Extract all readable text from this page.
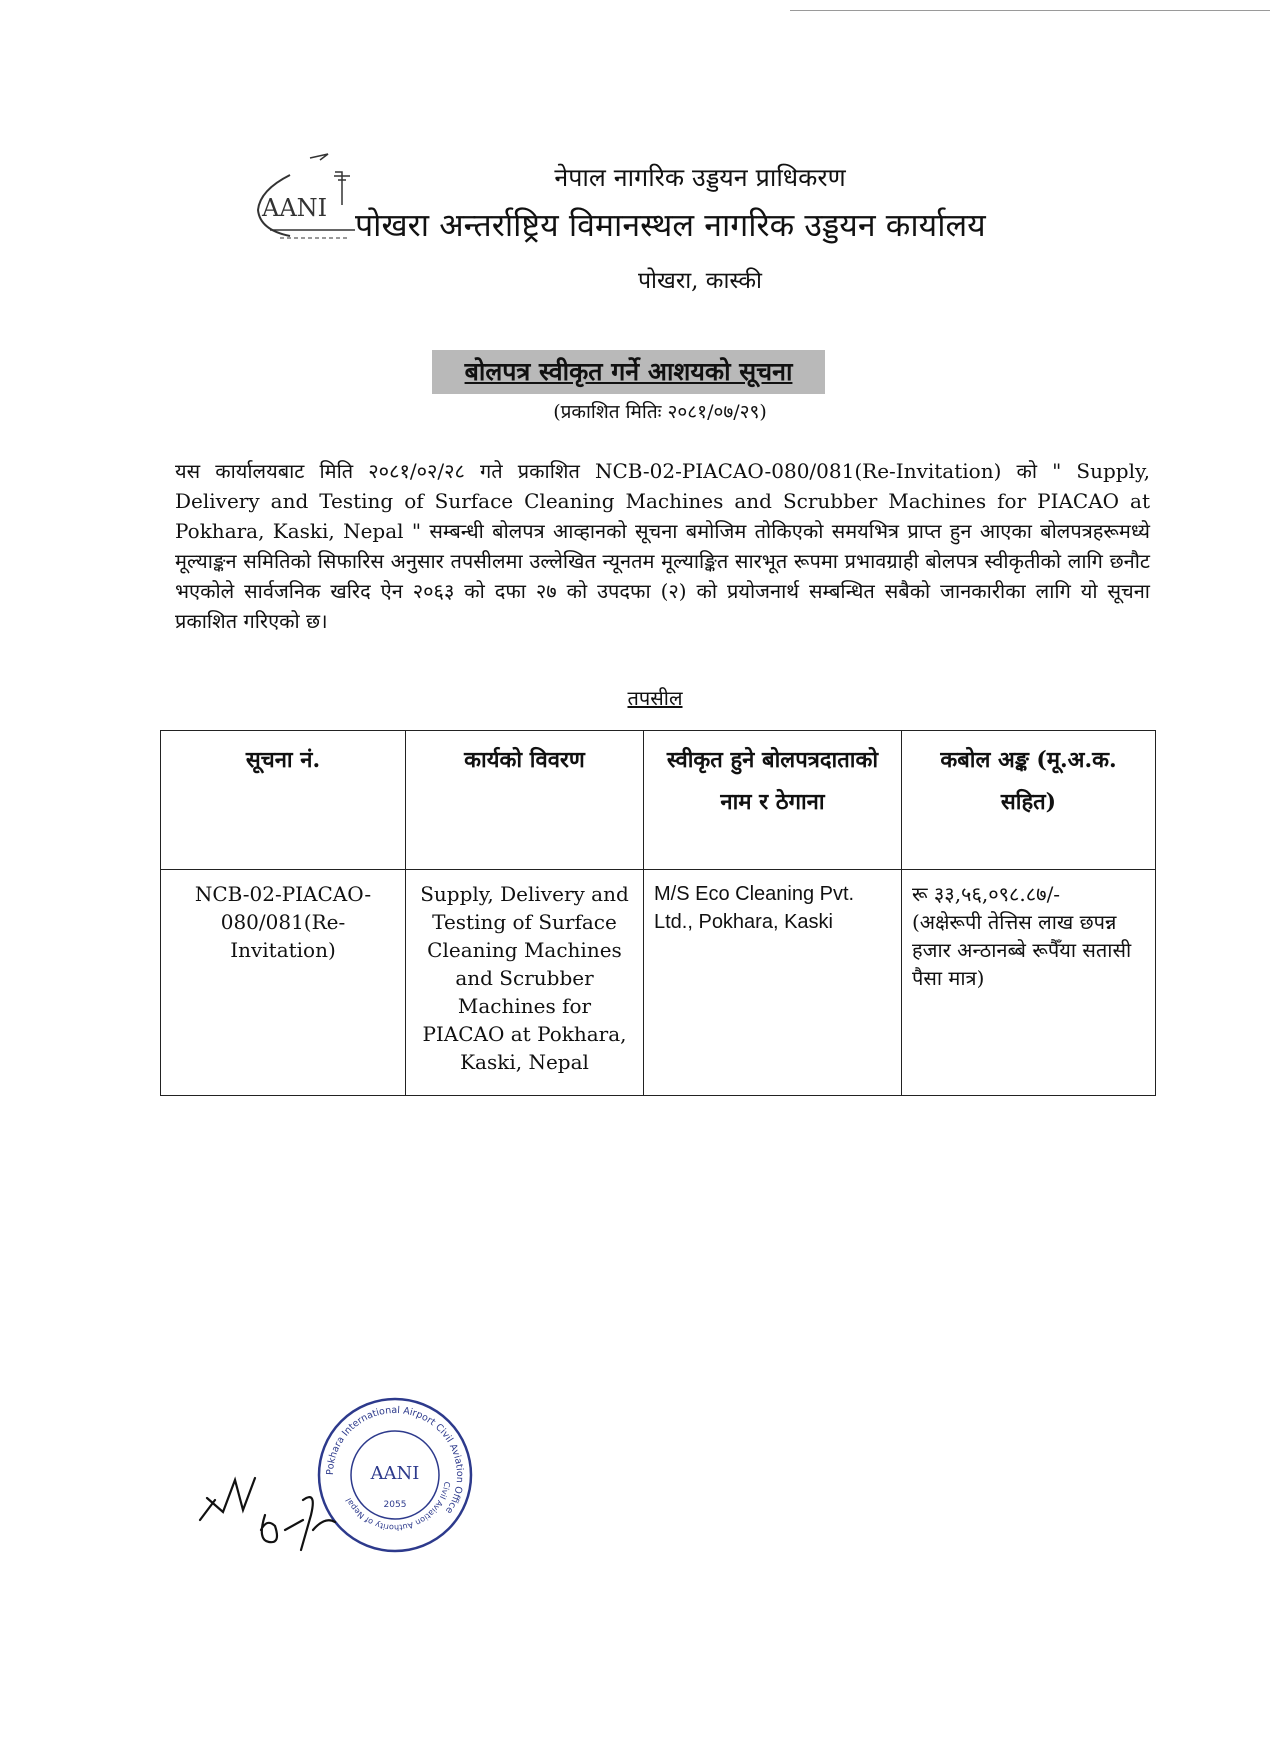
AANI
नेपाल नागरिक उड्डयन प्राधिकरण
पोखरा अन्तर्राष्ट्रिय विमानस्थल नागरिक उड्डयन कार्यालय
पोखरा, कास्की
बोलपत्र स्वीकृत गर्ने आशयको सूचना
(प्रकाशित मितिः २०८१/०७/२९)
यस कार्यालयबाट मिति २०८१/०२/२८ गते प्रकाशित NCB-02-PIACAO-080/081(Re-Invitation) को " Supply, Delivery and Testing of Surface Cleaning Machines and Scrubber Machines for PIACAO at Pokhara, Kaski, Nepal " सम्बन्धी बोलपत्र आव्हानको सूचना बमोजिम तोकिएको समयभित्र प्राप्त हुन आएका बोलपत्रहरूमध्ये मूल्याङ्कन समितिको सिफारिस अनुसार तपसीलमा उल्लेखित न्यूनतम मूल्याङ्कित सारभूत रूपमा प्रभावग्राही बोलपत्र स्वीकृतीको लागि छनौट भएकोले सार्वजनिक खरिद ऐन २०६३ को दफा २७ को उपदफा (२) को प्रयोजनार्थ सम्बन्धित सबैको जानकारीका लागि यो सूचना प्रकाशित गरिएको छ।
तपसील
सूचना नं.	कार्यको विवरण	स्वीकृत हुने बोलपत्रदाताको नाम र ठेगाना	कबोल अङ्क (मू.अ.क. सहित)
NCB-02-PIACAO-080/081(Re-Invitation)	Supply, Delivery and Testing of Surface Cleaning Machines and Scrubber Machines for PIACAO at Pokhara, Kaski, Nepal	M/S Eco Cleaning Pvt. Ltd., Pokhara, Kaski	रू ३३,५६,०९८.८७/-
(अक्षेरूपी तेत्तिस लाख छपन्न हजार अन्ठानब्बे रूपैँया सतासी पैसा मात्र)
Pokhara International Airport Civil Aviation Office
Civil Aviation Authority of Nepal
AANI
2055
